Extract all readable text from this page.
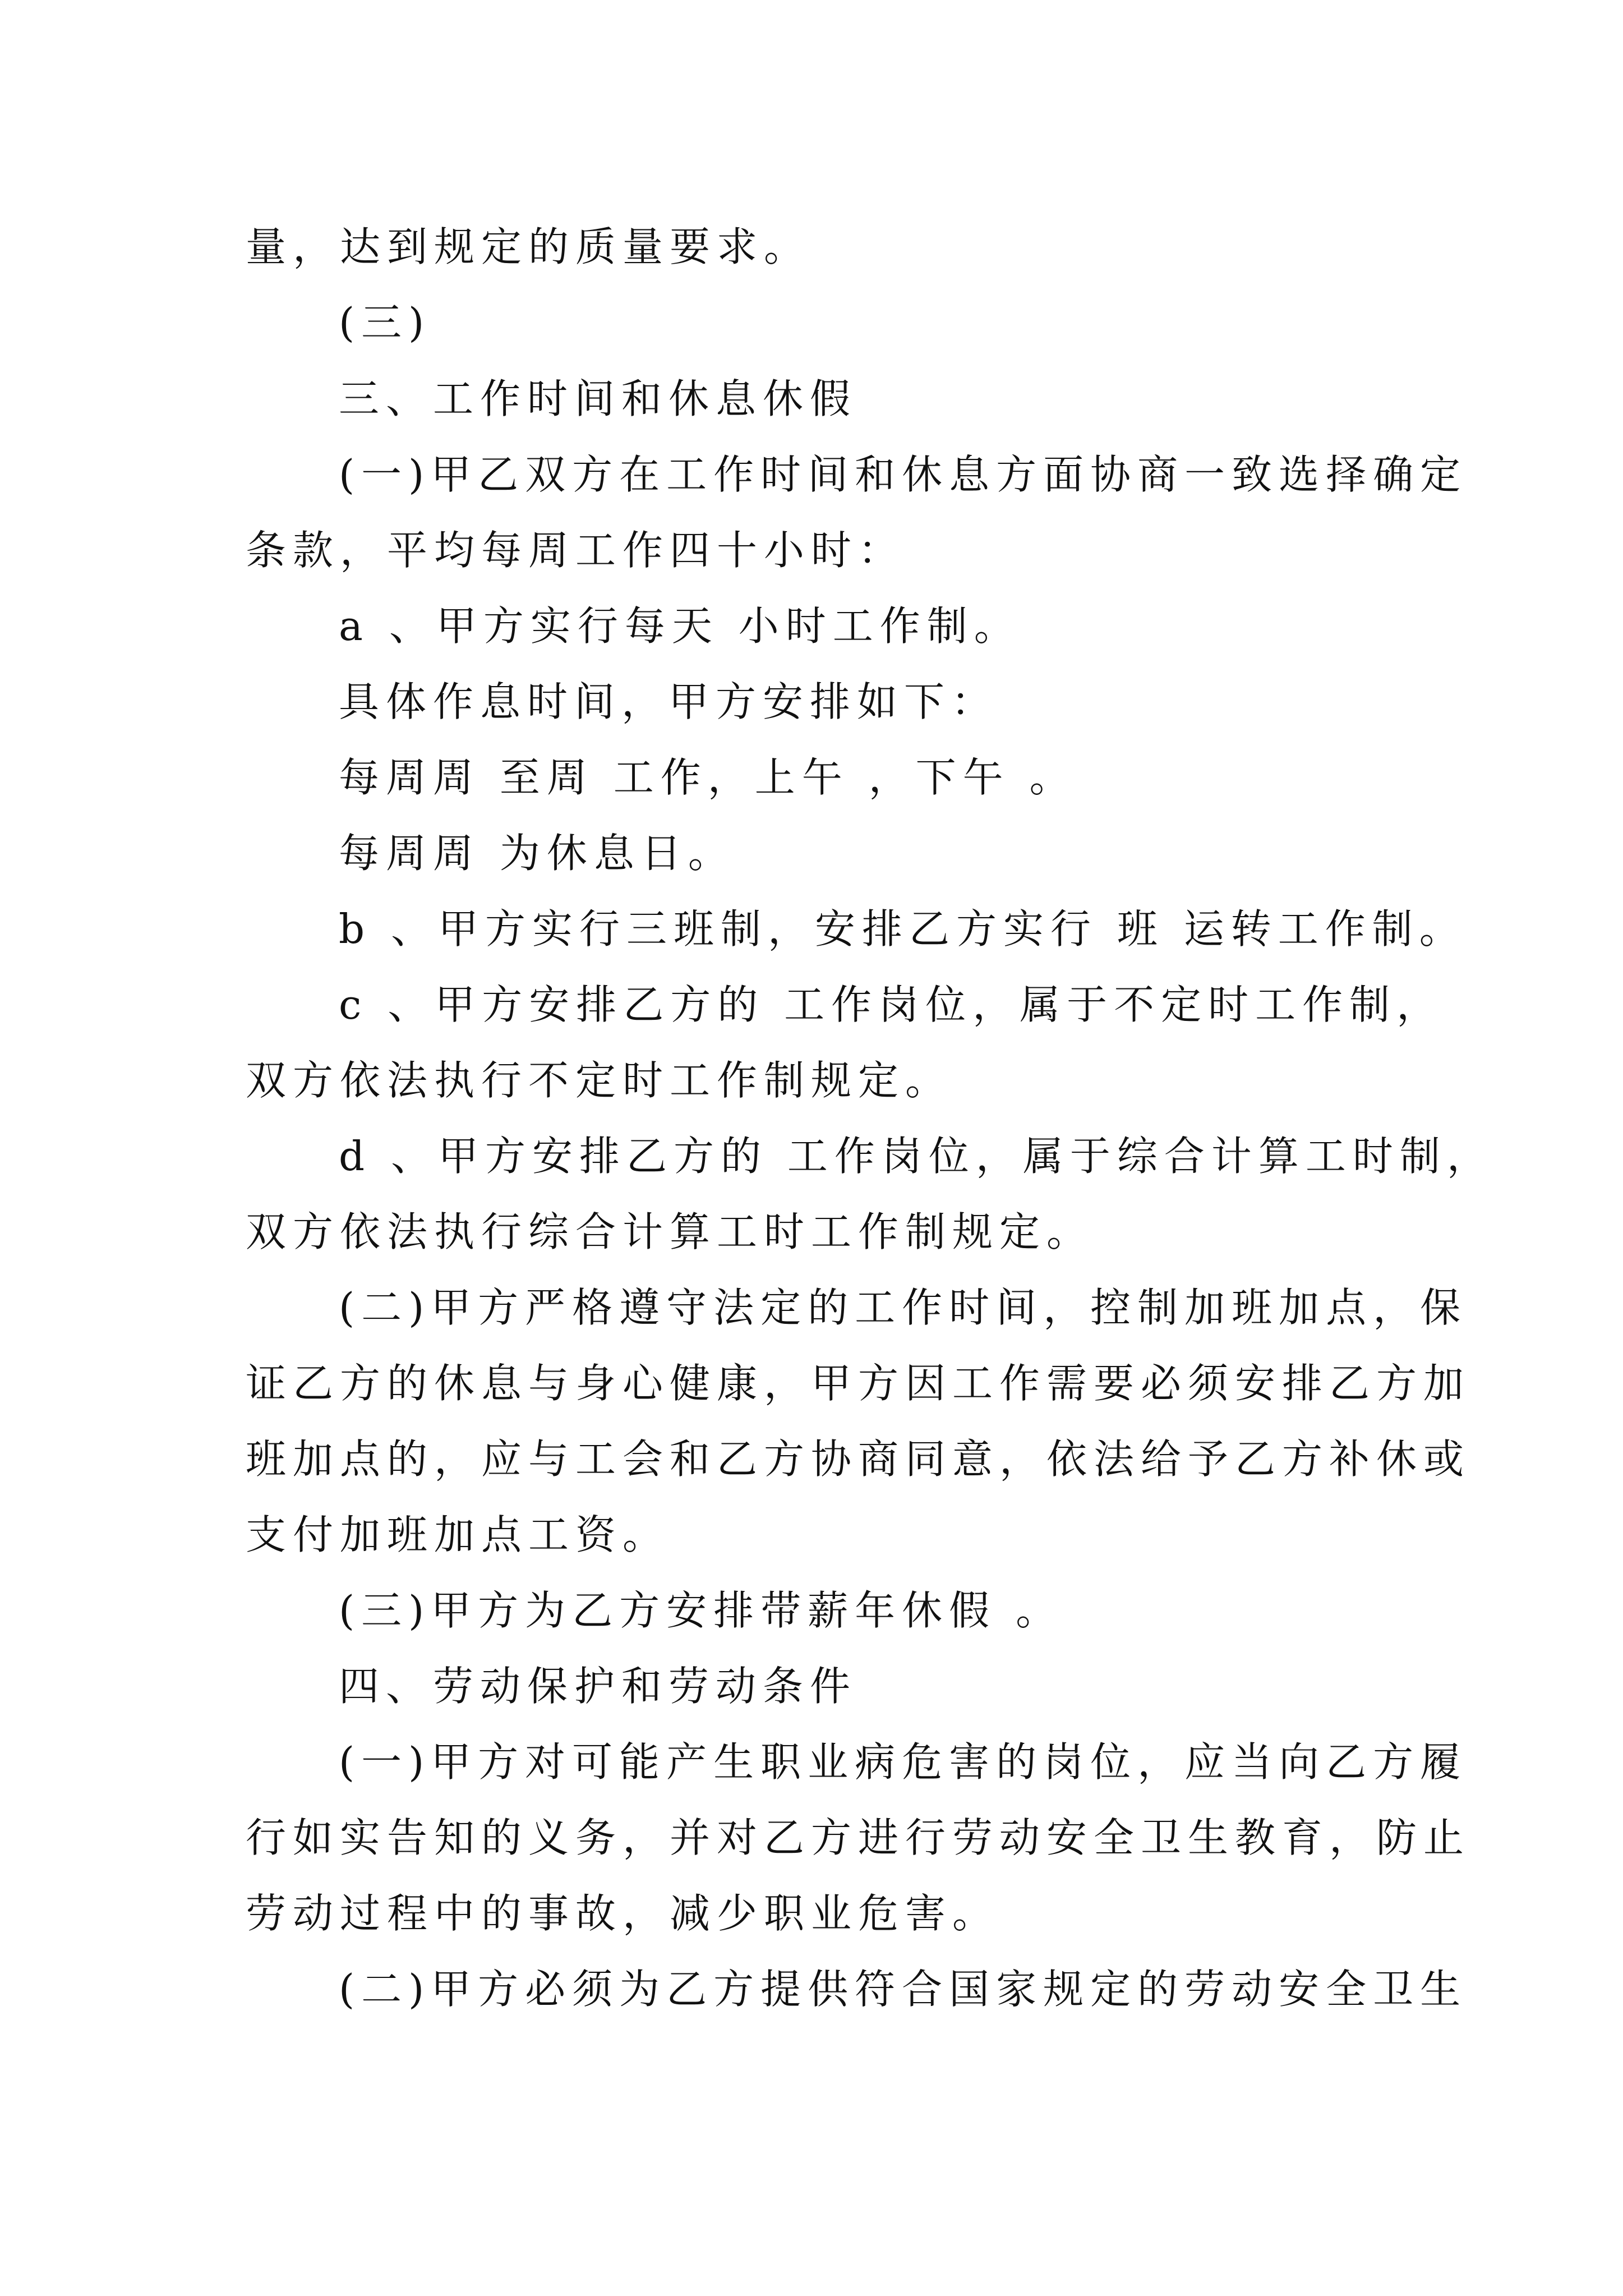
量，达到规定的质量要求。
(三)
三、工作时间和休息休假
(一)甲乙双方在工作时间和休息方面协商一致选择确定
条款，平均每周工作四十小时：
a 、甲方实行每天 小时工作制。
具体作息时间，甲方安排如下：
每周周 至周 工作，上午 ，下午 。
每周周 为休息日。
b 、甲方实行三班制，安排乙方实行 班 运转工作制。
c 、甲方安排乙方的 工作岗位，属于不定时工作制，
双方依法执行不定时工作制规定。
d 、甲方安排乙方的 工作岗位，属于综合计算工时制，
双方依法执行综合计算工时工作制规定。
(二)甲方严格遵守法定的工作时间，控制加班加点，保
证乙方的休息与身心健康，甲方因工作需要必须安排乙方加
班加点的，应与工会和乙方协商同意，依法给予乙方补休或
支付加班加点工资。
(三)甲方为乙方安排带薪年休假 。
四、劳动保护和劳动条件
(一)甲方对可能产生职业病危害的岗位，应当向乙方履
行如实告知的义务，并对乙方进行劳动安全卫生教育，防止
劳动过程中的事故，减少职业危害。
(二)甲方必须为乙方提供符合国家规定的劳动安全卫生
